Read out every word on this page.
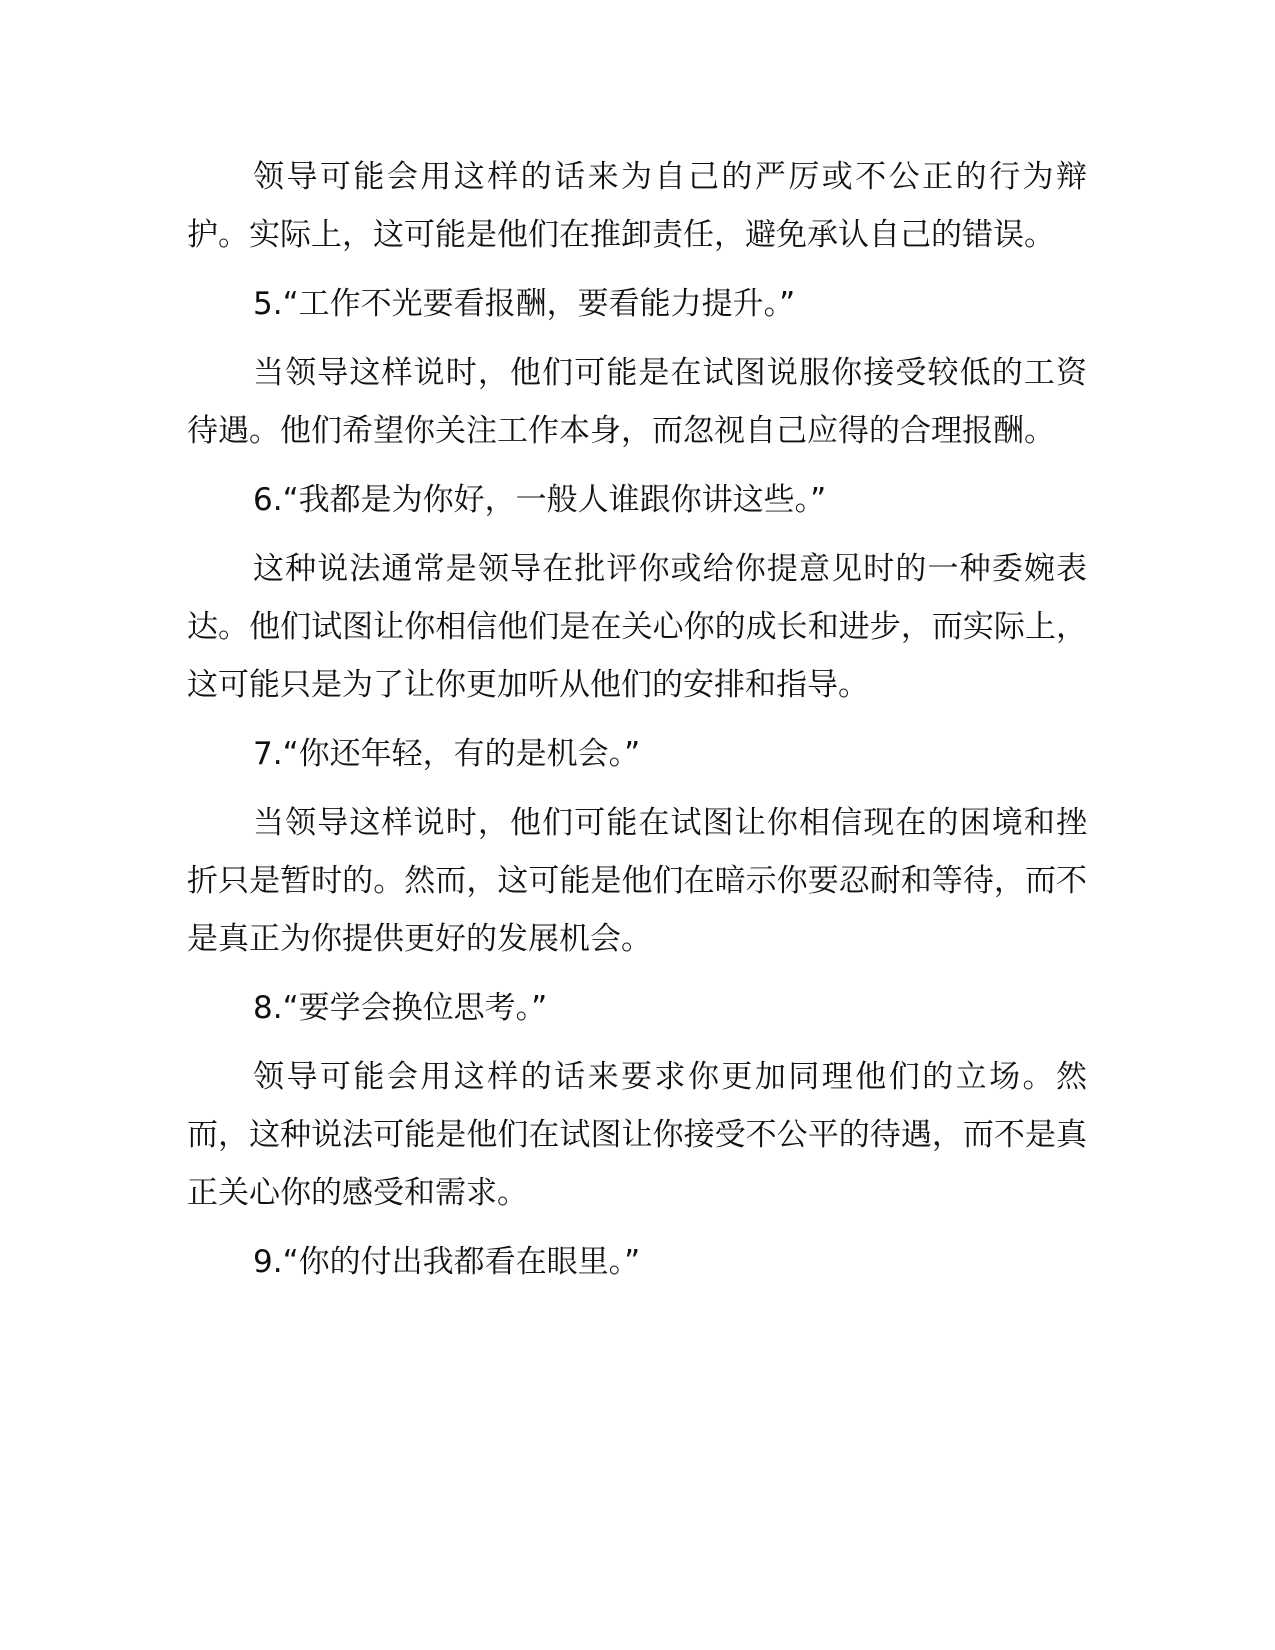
领导可能会用这样的话来为自己的严厉或不公正的行为辩护。实际上，这可能是他们在推卸责任，避免承认自己的错误。

5.“工作不光要看报酬，要看能力提升。”

当领导这样说时，他们可能是在试图说服你接受较低的工资待遇。他们希望你关注工作本身，而忽视自己应得的合理报酬。

6.“我都是为你好，一般人谁跟你讲这些。”

这种说法通常是领导在批评你或给你提意见时的一种委婉表达。他们试图让你相信他们是在关心你的成长和进步，而实际上，这可能只是为了让你更加听从他们的安排和指导。

7.“你还年轻，有的是机会。”

当领导这样说时，他们可能在试图让你相信现在的困境和挫折只是暂时的。然而，这可能是他们在暗示你要忍耐和等待，而不是真正为你提供更好的发展机会。

8.“要学会换位思考。”

领导可能会用这样的话来要求你更加同理他们的立场。然而，这种说法可能是他们在试图让你接受不公平的待遇，而不是真正关心你的感受和需求。

9.“你的付出我都看在眼里。”
